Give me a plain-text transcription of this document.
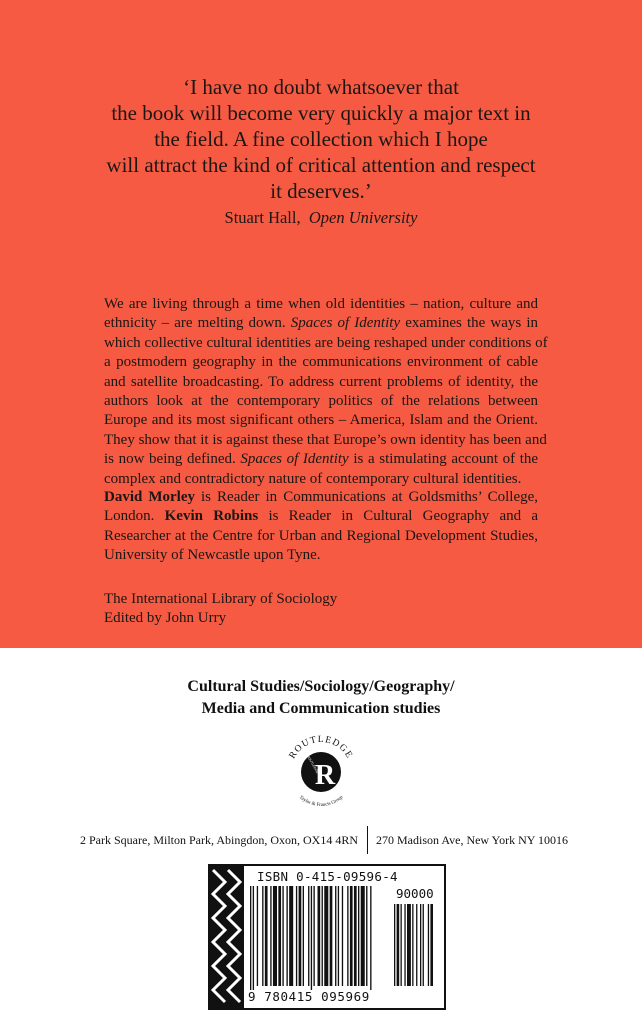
‘I have no doubt whatsoever that
the book will become very quickly a major text in
the field. A fine collection which I hope
will attract the kind of critical attention and respect
it deserves.’
Stuart Hall, Open University
We are living through a time when old identities – nation, culture and
ethnicity – are melting down. Spaces of Identity examines the ways in
which collective cultural identities are being reshaped under conditions of
a postmodern geography in the communications environment of cable
and satellite broadcasting. To address current problems of identity, the
authors look at the contemporary politics of the relations between
Europe and its most significant others – America, Islam and the Orient.
They show that it is against these that Europe’s own identity has been and
is now being defined. Spaces of Identity is a stimulating account of the
complex and contradictory nature of contemporary cultural identities.
David Morley is Reader in Communications at Goldsmiths’ College,
London. Kevin Robins is Reader in Cultural Geography and a
Researcher at the Centre for Urban and Regional Development Studies,
University of Newcastle upon Tyne.
The International Library of Sociology
Edited by John Urry
Cultural Studies/Sociology/Geography/
Media and Communication studies
ROUTLEDGE
Taylor & Francis Group
R
ROUTLEDGE
2 Park Square, Milton Park, Abingdon, Oxon, OX14 4RN 270 Madison Ave, New York NY 10016
ISBN 0-415-09596-4
90000
9 780415 095969
